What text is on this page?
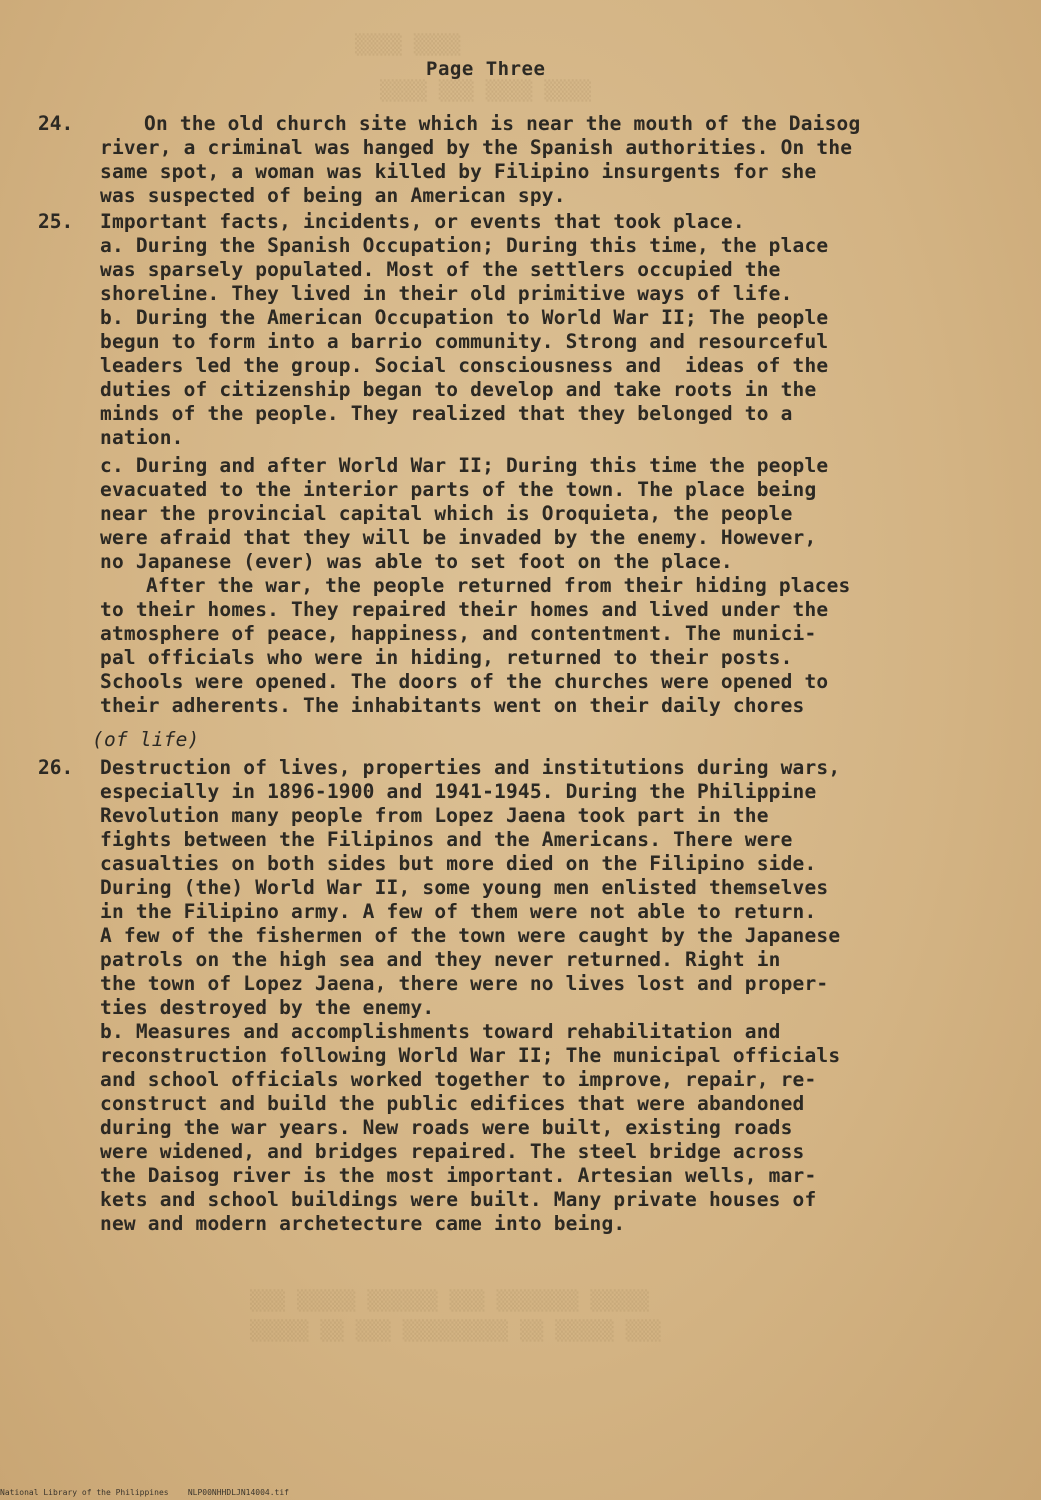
▒▒▒▒ ▒▒▒▒
▒▒▒▒ ▒▒▒ ▒▒▒▒ ▒▒▒▒
Page Three
24.
25.
26.
On the old church site which is near the mouth of the Daisog
river, a criminal was hanged by the Spanish authorities. On the
same spot, a woman was killed by Filipino insurgents for she
was suspected of being an American spy.
Important facts, incidents, or events that took place.
a. During the Spanish Occupation; During this time, the place
was sparsely populated. Most of the settlers occupied the
shoreline. They lived in their old primitive ways of life.
b. During the American Occupation to World War II; The people
begun to form into a barrio community. Strong and resourceful
leaders led the group. Social consciousness and  ideas of the
duties of citizenship began to develop and take roots in the
minds of the people. They realized that they belonged to a
nation.
c. During and after World War II; During this time the people
evacuated to the interior parts of the town. The place being
near the provincial capital which is Oroquieta, the people
were afraid that they will be invaded by the enemy. However,
no Japanese (ever) was able to set foot on the place.
After the war, the people returned from their hiding places
to their homes. They repaired their homes and lived under the
atmosphere of peace, happiness, and contentment. The munici-
pal officials who were in hiding, returned to their posts.
Schools were opened. The doors of the churches were opened to
their adherents. The inhabitants went on their daily chores
(of life)
Destruction of lives, properties and institutions during wars,
especially in 1896-1900 and 1941-1945. During the Philippine
Revolution many people from Lopez Jaena took part in the
fights between the Filipinos and the Americans. There were
casualties on both sides but more died on the Filipino side.
During (the) World War II, some young men enlisted themselves
in the Filipino army. A few of them were not able to return.
A few of the fishermen of the town were caught by the Japanese
patrols on the high sea and they never returned. Right in
the town of Lopez Jaena, there were no lives lost and proper-
ties destroyed by the enemy.
b. Measures and accomplishments toward rehabilitation and
reconstruction following World War II; The municipal officials
and school officials worked together to improve, repair, re-
construct and build the public edifices that were abandoned
during the war years. New roads were built, existing roads
were widened, and bridges repaired. The steel bridge across
the Daisog river is the most important. Artesian wells, mar-
kets and school buildings were built. Many private houses of
new and modern archetecture came into being.
▒▒▒ ▒▒▒▒▒ ▒▒▒▒▒▒ ▒▒▒ ▒▒▒▒▒▒▒ ▒▒▒▒▒
▒▒▒▒▒ ▒▒ ▒▒▒ ▒▒▒▒▒▒▒▒▒ ▒▒ ▒▒▒▒▒ ▒▒▒
National Library of the Philippines    NLP00NHHDLJN14004.tif
